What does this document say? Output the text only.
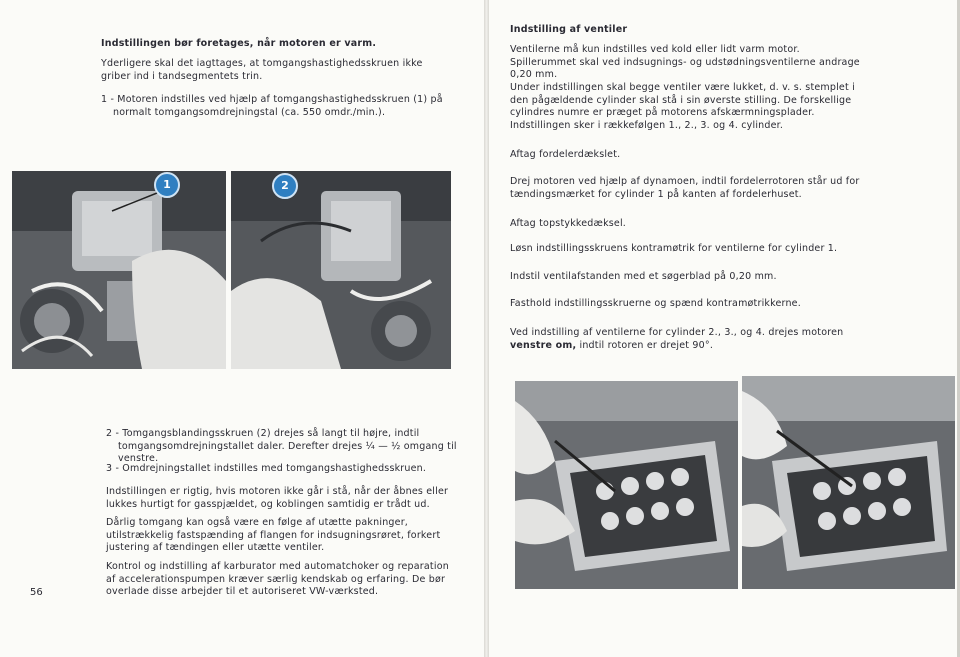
Indstillingen bør foretages, når motoren er varm.
Yderligere skal det iagttages, at tomgangshastighedsskruen ikke griber ind i tandsegmentets trin.
1 - Motoren indstilles ved hjælp af tomgangshastighedsskruen (1) på normalt tomgangsomdrejningstal (ca. 550 omdr./min.).
1	2
2 - Tomgangsblandingsskruen (2) drejes så langt til højre, indtil tomgangsomdrejningstallet daler. Derefter drejes ¼ — ½ omgang til venstre.
3 - Omdrejningstallet indstilles med tomgangshastighedsskruen.
Indstillingen er rigtig, hvis motoren ikke går i stå, når der åbnes eller lukkes hurtigt for gasspjældet, og koblingen samtidig er trådt ud.
Dårlig tomgang kan også være en følge af utætte pakninger, utilstrækkelig fastspænding af flangen for indsugningsrøret, forkert justering af tændingen eller utætte ventiler.
Kontrol og indstilling af karburator med automatchoker og reparation af accelerationspumpen kræver særlig kendskab og erfaring. De bør overlade disse arbejder til et autoriseret VW-værksted.
56
Indstilling af ventiler
Ventilerne må kun indstilles ved kold eller lidt varm motor. Spillerummet skal ved indsugnings- og udstødningsventilerne andrage 0,20 mm.
Under indstillingen skal begge ventiler være lukket, d. v. s. stemplet i den pågældende cylinder skal stå i sin øverste stilling. De forskellige cylindres numre er præget på motorens afskærmningsplader. Indstillingen sker i rækkefølgen 1., 2., 3. og 4. cylinder.
Aftag fordelerdækslet.
Drej motoren ved hjælp af dynamoen, indtil fordelerrotoren står ud for tændingsmærket for cylinder 1 på kanten af fordelerhuset.
Aftag topstykkedæksel.
Løsn indstillingsskruens kontramøtrik for ventilerne for cylinder 1.
Indstil ventilafstanden med et søgerblad på 0,20 mm.
Fasthold indstillingsskruerne og spænd kontramøtrikkerne.
Ved indstilling af ventilerne for cylinder 2., 3., og 4. drejes motoren venstre om, indtil rotoren er drejet 90°.
